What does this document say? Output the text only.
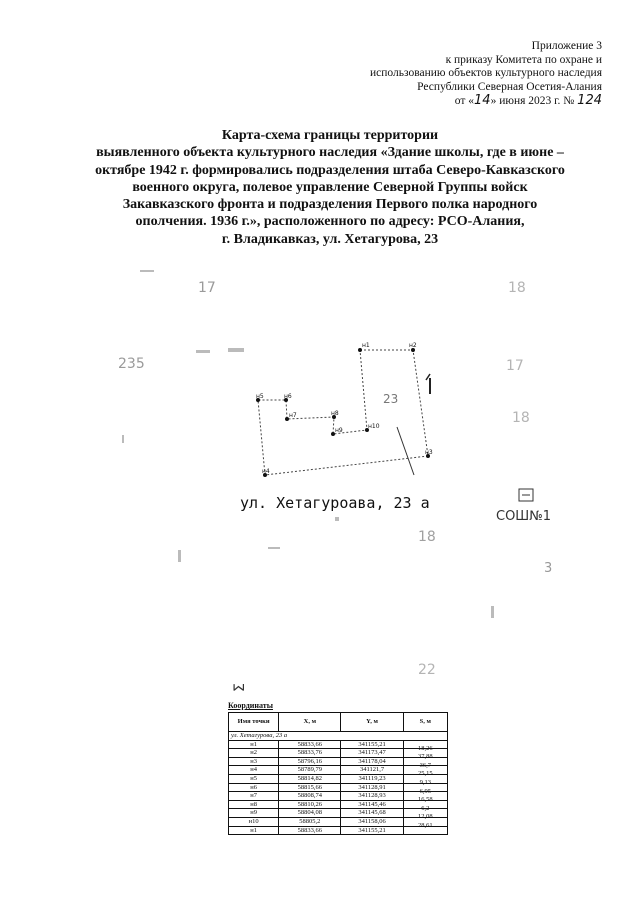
Приложение 3
к приказу Комитета по охране и
использованию объектов культурного наследия
Республики Северная Осетия-Алания
от «14» июня 2023 г. № 124
Карта-схема границы территории
выявленного объекта культурного наследия «Здание школы, где в июне –
октябре 1942 г. формировались подразделения штаба Северо-Кавказского
военного округа, полевое управление Северной Группы войск
Закавказского фронта и подразделения Первого полка народного
ополчения. 1936 г.», расположенного по адресу: РСО-Алания,
г. Владикавказ, ул. Хетагурова, 23
17
235
18
18
17
18
22
3
23
н1	н2
н3
н4
н5	н6
н7	н8
н9
н10
ул. Хетагуроава, 23 а
СОШ№1
Σ
Координаты
Имя точки	X, м	Y, м	S, м
ул. Хетагурова, 23 а			
н1	58833,66	341155,21	18,26
н2	58833,76	341173,47	37,88
н3	58796,16	341178,04	36,7
н4	58789,79	341121,7	25,15
н5	58814,82	341119,23	9,13
н6	58815,66	341128,91	6,95
н7	58808,74	341128,93	16,58
н8	58810,26	341145,46	6,2
н9	58804,08	341145,68	12,08
н10	58805,2	341158,06	28,61
н1	58833,66	341155,21	
